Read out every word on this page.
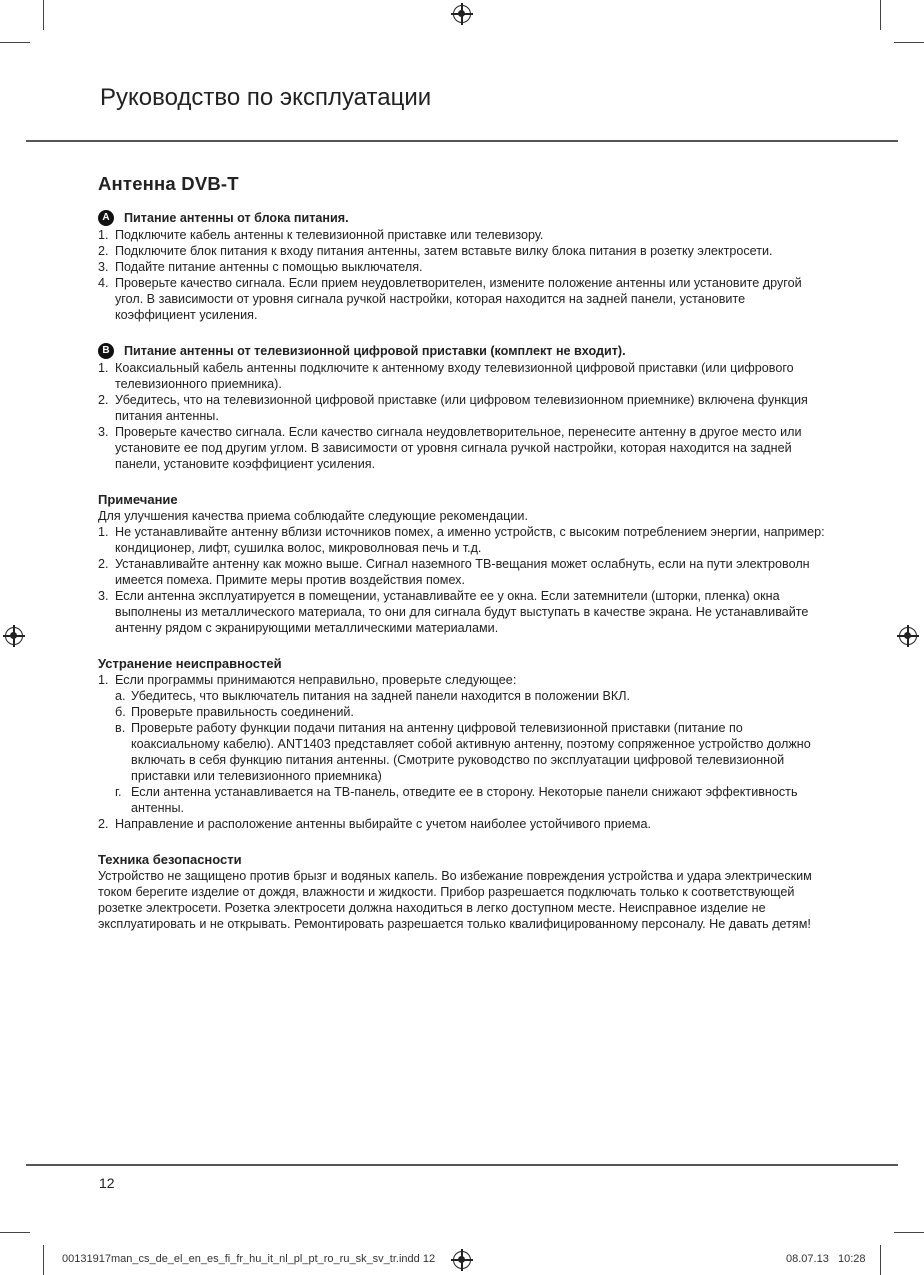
Руководство по эксплуатации
Антенна DVB-T
A	Питание антенны от блока питания.
1. Подключите кабель антенны к телевизионной приставке или телевизору.
2. Подключите блок питания к входу питания антенны, затем вставьте вилку блока питания в розетку электросети.
3. Подайте питание антенны с помощью выключателя.
4. Проверьте качество сигнала. Если прием неудовлетворителен, измените положение антенны или установите другой угол. В зависимости от уровня сигнала ручкой настройки, которая находится на задней панели, установите коэффициент усиления.
B	Питание антенны от телевизионной цифровой приставки (комплект не входит).
1. Коаксиальный кабель антенны подключите к антенному входу телевизионной цифровой приставки (или цифрового телевизионного приемника).
2. Убедитесь, что на телевизионной цифровой приставке (или цифровом телевизионном приемнике) включена функция питания антенны.
3. Проверьте качество сигнала. Если качество сигнала неудовлетворительное, перенесите антенну в другое место или установите ее под другим углом. В зависимости от уровня сигнала ручкой настройки, которая находится на задней панели, установите коэффициент усиления.
Примечание

Для улучшения качества приема соблюдайте следующие рекомендации.

1. Не устанавливайте антенну вблизи источников помех, а именно устройств, с высоким потреблением энергии, например: кондиционер, лифт, сушилка волос, микроволновая печь и т.д.
2. Устанавливайте антенну как можно выше. Сигнал наземного ТВ-вещания может ослабнуть, если на пути электроволн имеется помеха. Примите меры против воздействия помех.
3. Если антенна эксплуатируется в помещении, устанавливайте ее у окна. Если затемнители (шторки, пленка) окна выполнены из металлического материала, то они для сигнала будут выступать в качестве экрана. Не устанавливайте антенну рядом с экранирующими металлическими материалами.
Устранение неисправностей
1. Если программы принимаются неправильно, проверьте следующее:
а. Убедитесь, что выключатель питания на задней панели находится в положении ВКЛ.
б. Проверьте правильность соединений.
в. Проверьте работу функции подачи питания на антенну цифровой телевизионной приставки (питание по коаксиальному кабелю). ANT1403 представляет собой активную антенну, поэтому сопряженное устройство должно включать в себя функцию питания антенны. (Смотрите руководство по эксплуатации цифровой телевизионной приставки или телевизионного приемника)
г. Если антенна устанавливается на ТВ-панель, отведите ее в сторону. Некоторые панели снижают эффективность антенны.
2. Направление и расположение антенны выбирайте с учетом наиболее устойчивого приема.
Техника безопасности

Устройство не защищено против брызг и водяных капель. Во избежание повреждения устройства и удара электрическим током берегите изделие от дождя, влажности и жидкости. Прибор разрешается подключать только к соответствующей розетке электросети. Розетка электросети должна находиться в легко доступном месте. Неисправное изделие не эксплуатировать и не открывать. Ремонтировать разрешается только квалифицированному персоналу. Не давать детям!

12
00131917man_cs_de_el_en_es_fi_fr_hu_it_nl_pl_pt_ro_ru_sk_sv_tr.indd 12	08.07.13 10:28
